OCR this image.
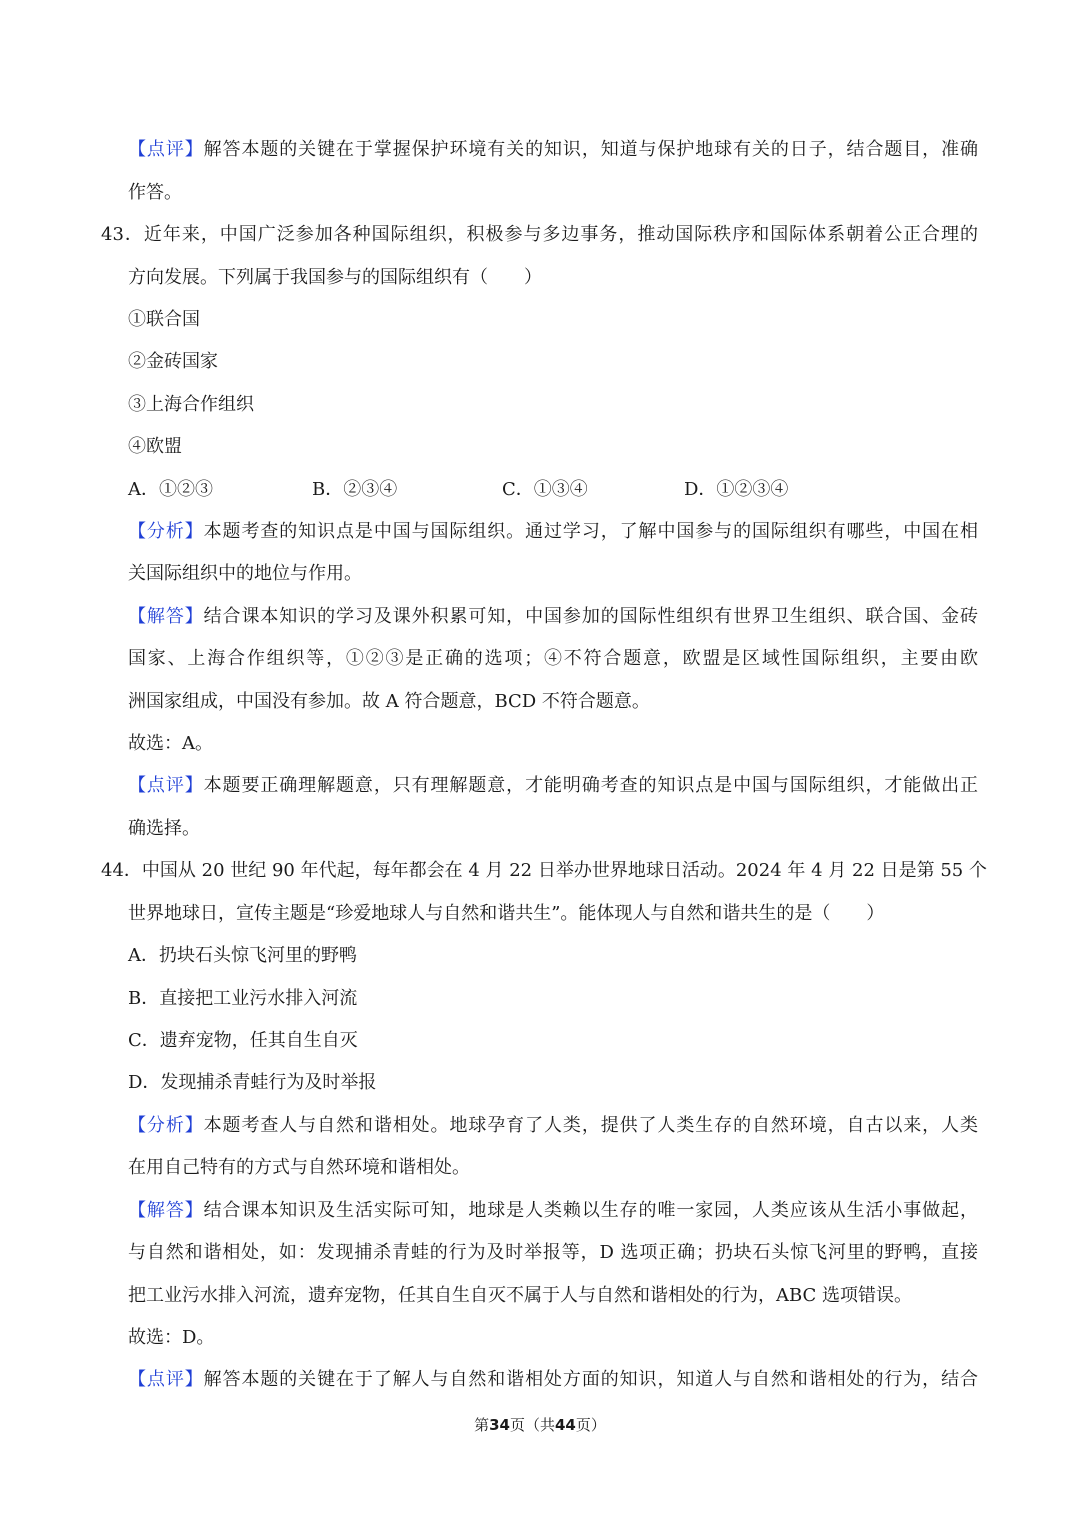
【点评】解答本题的关键在于掌握保护环境有关的知识，知道与保护地球有关的日子，结合题目，准确
作答。
43．近年来，中国广泛参加各种国际组织，积极参与多边事务，推动国际秩序和国际体系朝着公正合理的
方向发展。下列属于我国参与的国际组织有（　　）
①联合国
②金砖国家
③上海合作组织
④欧盟
A．①②③	B．②③④	C．①③④	D．①②③④
【分析】本题考查的知识点是中国与国际组织。通过学习，了解中国参与的国际组织有哪些，中国在相
关国际组织中的地位与作用。
【解答】结合课本知识的学习及课外积累可知，中国参加的国际性组织有世界卫生组织、联合国、金砖
国家、上海合作组织等，①②③是正确的选项；④不符合题意，欧盟是区域性国际组织，主要由欧
洲国家组成，中国没有参加。故 A 符合题意，BCD 不符合题意。
故选：A。
【点评】本题要正确理解题意，只有理解题意，才能明确考查的知识点是中国与国际组织，才能做出正
确选择。
44．中国从 20 世纪 90 年代起，每年都会在 4 月 22 日举办世界地球日活动。2024 年 4 月 22 日是第 55 个
世界地球日，宣传主题是“珍爱地球人与自然和谐共生”。能体现人与自然和谐共生的是（　　）
A．扔块石头惊飞河里的野鸭
B．直接把工业污水排入河流
C．遗弃宠物，任其自生自灭
D．发现捕杀青蛙行为及时举报
【分析】本题考查人与自然和谐相处。地球孕育了人类，提供了人类生存的自然环境，自古以来，人类
在用自己特有的方式与自然环境和谐相处。
【解答】结合课本知识及生活实际可知，地球是人类赖以生存的唯一家园，人类应该从生活小事做起，
与自然和谐相处，如：发现捕杀青蛙的行为及时举报等，D 选项正确；扔块石头惊飞河里的野鸭，直接
把工业污水排入河流，遗弃宠物，任其自生自灭不属于人与自然和谐相处的行为，ABC 选项错误。
故选：D。
【点评】解答本题的关键在于了解人与自然和谐相处方面的知识，知道人与自然和谐相处的行为，结合
第34页（共44页）
